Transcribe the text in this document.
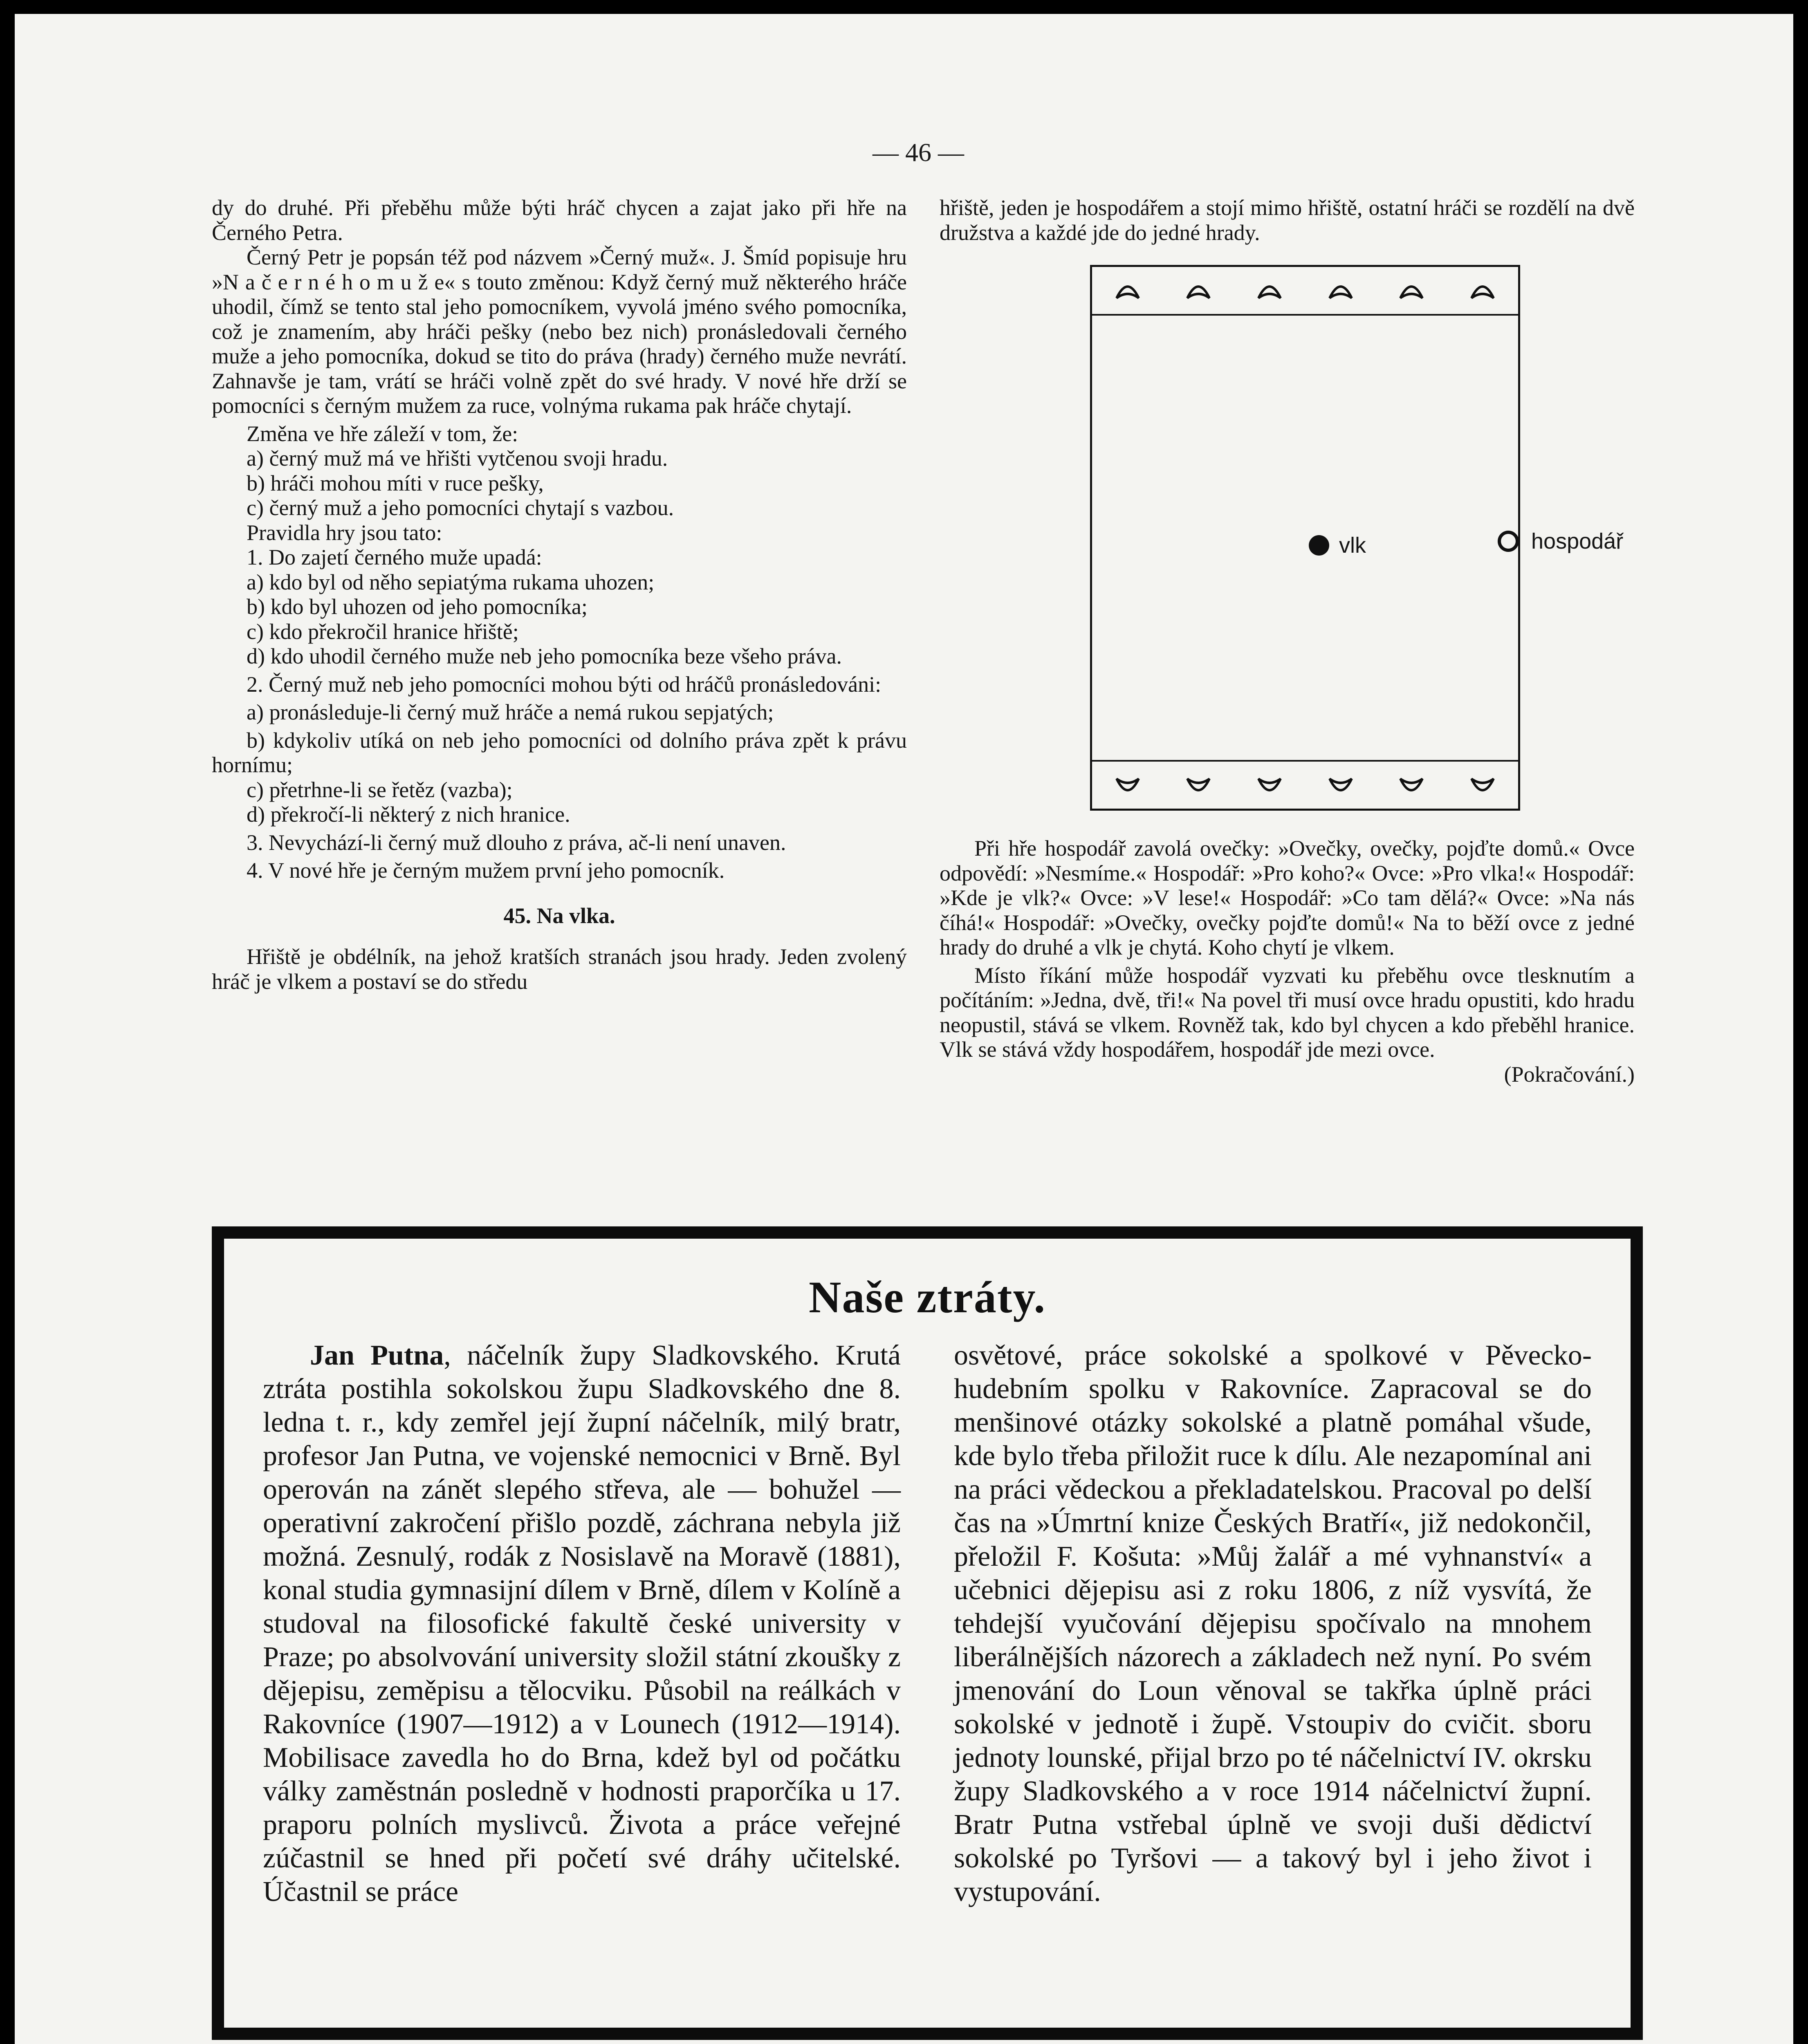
— 46 —

dy do druhé. Při přeběhu může býti hráč chycen a zajat jako při hře na Černého Petra.

Černý Petr je popsán též pod názvem »Černý muž«. J. Šmíd popisuje hru »N a č e r n é h o m u ž e« s touto změnou: Když černý muž některého hráče uhodil, čímž se tento stal jeho pomocníkem, vyvolá jméno svého pomocníka, což je znamením, aby hráči pešky (nebo bez nich) pronásledovali černého muže a jeho pomocníka, dokud se tito do práva (hrady) černého muže nevrátí. Zahnavše je tam, vrátí se hráči volně zpět do své hrady. V nové hře drží se pomocníci s černým mužem za ruce, volnýma rukama pak hráče chytají.

Změna ve hře záleží v tom, že:

a) černý muž má ve hřišti vytčenou svoji hradu.

b) hráči mohou míti v ruce pešky,

c) černý muž a jeho pomocníci chytají s vazbou.

Pravidla hry jsou tato:

1. Do zajetí černého muže upadá:

a) kdo byl od něho sepiatýma rukama uhozen;

b) kdo byl uhozen od jeho pomocníka;

c) kdo překročil hranice hřiště;

d) kdo uhodil černého muže neb jeho pomocníka beze všeho práva.

2. Černý muž neb jeho pomocníci mohou býti od hráčů pronásledováni:

a) pronásleduje-li černý muž hráče a nemá rukou sepjatých;

b) kdykoliv utíká on neb jeho pomocníci od dolního práva zpět k právu hornímu;

c) přetrhne-li se řetěz (vazba);

d) překročí-li některý z nich hranice.

3. Nevychází-li černý muž dlouho z práva, ač-li není unaven.

4. V nové hře je černým mužem první jeho pomocník.

45. Na vlka.

Hřiště je obdélník, na jehož kratších stranách jsou hrady. Jeden zvolený hráč je vlkem a postaví se do středu

hřiště, jeden je hospodářem a stojí mimo hřiště, ostatní hráči se rozdělí na dvě družstva a každé jde do jedné hrady.

vlk	hospodář

Při hře hospodář zavolá ovečky: »Ovečky, ovečky, pojďte domů.« Ovce odpovědí: »Nesmíme.« Hospodář: »Pro koho?« Ovce: »Pro vlka!« Hospodář: »Kde je vlk?« Ovce: »V lese!« Hospodář: »Co tam dělá?« Ovce: »Na nás číhá!« Hospodář: »Ovečky, ovečky pojďte domů!« Na to běží ovce z jedné hrady do druhé a vlk je chytá. Koho chytí je vlkem.

Místo říkání může hospodář vyzvati ku přeběhu ovce tlesknutím a počítáním: »Jedna, dvě, tři!« Na povel tři musí ovce hradu opustiti, kdo hradu neopustil, stává se vlkem. Rovněž tak, kdo byl chycen a kdo přeběhl hranice. Vlk se stává vždy hospodářem, hospodář jde mezi ovce.

(Pokračování.)

Naše ztráty.

Jan Putna, náčelník župy Sladkovského. Krutá ztráta postihla sokolskou župu Sladkovského dne 8. ledna t. r., kdy zemřel její župní náčelník, milý bratr, profesor Jan Putna, ve vojenské nemocnici v Brně. Byl operován na zánět slepého střeva, ale — bohužel — operativní zakročení přišlo pozdě, záchrana nebyla již možná. Zesnulý, rodák z Nosislavě na Moravě (1881), konal studia gymnasijní dílem v Brně, dílem v Kolíně a studoval na filosofické fakultě české university v Praze; po absolvování university složil státní zkoušky z dějepisu, zeměpisu a tělocviku. Působil na reálkách v Rakovníce (1907—1912) a v Lounech (1912—1914). Mobilisace zavedla ho do Brna, kdež byl od počátku války zaměstnán posledně v hodnosti praporčíka u 17. praporu polních myslivců. Života a práce veřejné zúčastnil se hned při početí své dráhy učitelské. Účastnil se práce

osvětové, práce sokolské a spolkové v Pěvecko-hudebním spolku v Rakovníce. Zapracoval se do menšinové otázky sokolské a platně pomáhal všude, kde bylo třeba přiložit ruce k dílu. Ale nezapomínal ani na práci vědeckou a překladatelskou. Pracoval po delší čas na »Úmrtní knize Českých Bratří«, již nedokončil, přeložil F. Košuta: »Můj žalář a mé vyhnanství« a učebnici dějepisu asi z roku 1806, z níž vysvítá, že tehdejší vyučování dějepisu spočívalo na mnohem liberálnějších názorech a základech než nyní. Po svém jmenování do Loun věnoval se takřka úplně práci sokolské v jednotě i župě. Vstoupiv do cvičit. sboru jednoty lounské, přijal brzo po té náčelnictví IV. okrsku župy Sladkovského a v roce 1914 náčelnictví župní. Bratr Putna vstřebal úplně ve svoji duši dědictví sokolské po Tyršovi — a takový byl i jeho život i vystupování.
